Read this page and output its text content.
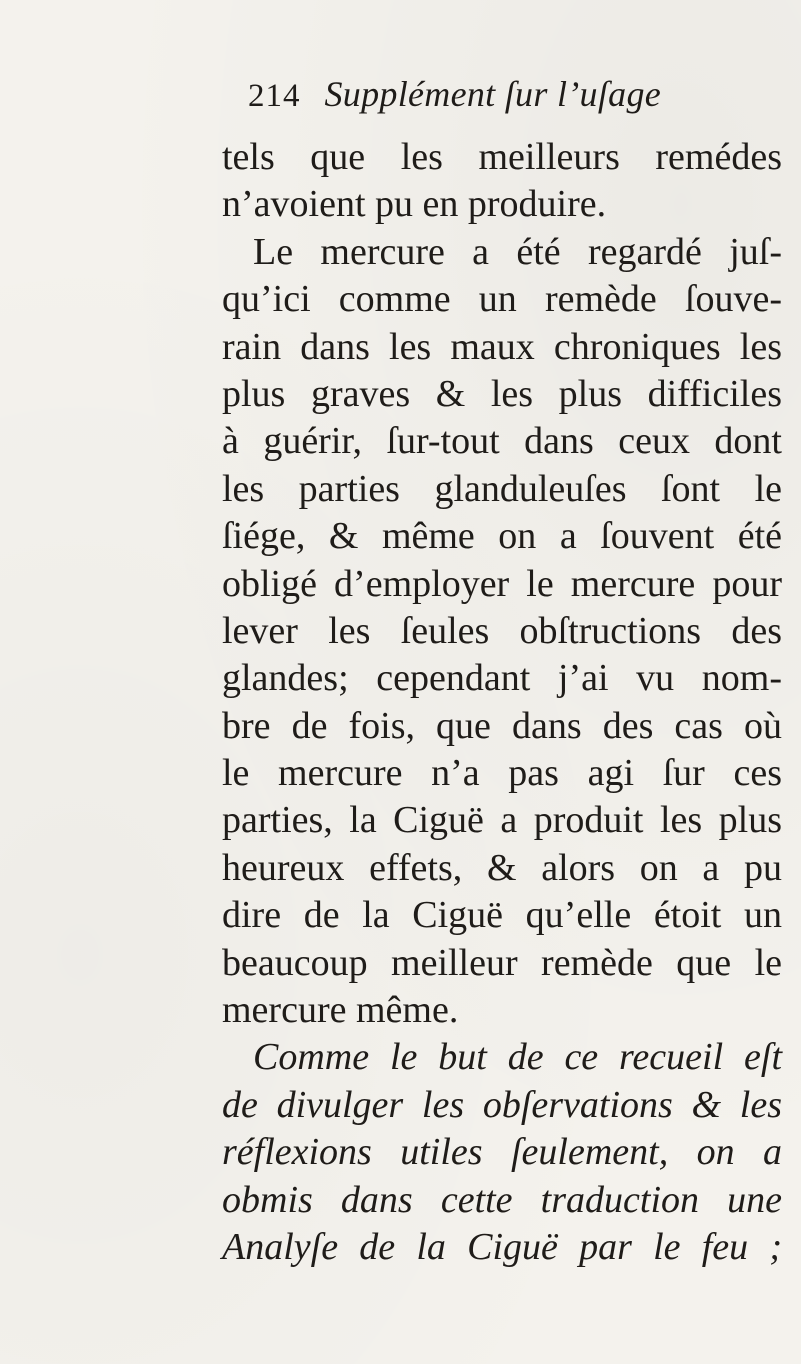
214 Supplément ſur l’uſage
tels que les meilleurs remédes
n’avoient pu en produire.
Le mercure a été regardé juſ-
qu’ici comme un remède ſouve-
rain dans les maux chroniques les
plus graves & les plus difficiles
à guérir, ſur-tout dans ceux dont
les parties glanduleuſes ſont le
ſiége, & même on a ſouvent été
obligé d’employer le mercure pour
lever les ſeules obſtructions des
glandes; cependant j’ai vu nom-
bre de fois, que dans des cas où
le mercure n’a pas agi ſur ces
parties, la Ciguë a produit les plus
heureux effets, & alors on a pu
dire de la Ciguë qu’elle étoit un
beaucoup meilleur remède que le
mercure même.
Comme le but de ce recueil eſt
de divulger les obſervations & les
réflexions utiles ſeulement, on a
obmis dans cette traduction une
Analyſe de la Ciguë par le feu ;
